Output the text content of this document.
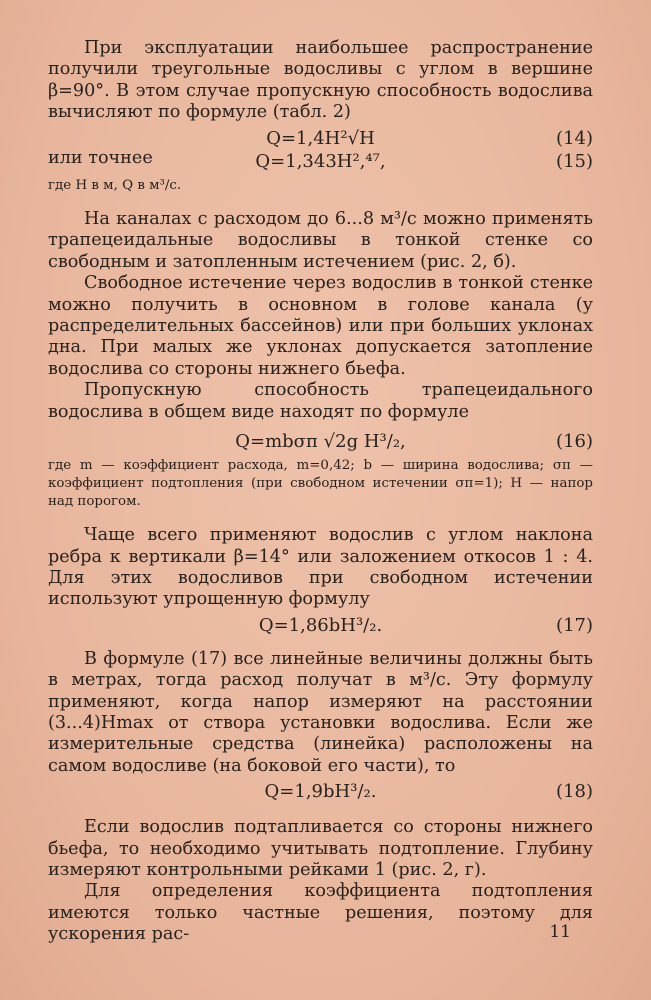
При эксплуатации наибольшее распространение получили треугольные водосливы с углом в вершине β=90°. В этом случае пропускную способность водослива вычисляют по формуле (табл. 2)

Q=1,4H²√H	(14)

или точнее	Q=1,343H²,⁴⁷,	(15)

где H в м, Q в м³/с.

На каналах с расходом до 6...8 м³/с можно применять трапецеидальные водосливы в тонкой стенке со свободным и затопленным истечением (рис. 2, б).

Свободное истечение через водослив в тонкой стенке можно получить в основном в голове канала (у распределительных бассейнов) или при больших уклонах дна. При малых же уклонах допускается затопление водослива со стороны нижнего бьефа.

Пропускную способность трапецеидального водослива в общем виде находят по формуле

Q=mbσп √2g H³/₂,	(16)

где m — коэффициент расхода, m=0,42; b — ширина водослива; σп — коэффициент подтопления (при свободном истечении σп=1); H — напор над порогом.

Чаще всего применяют водослив с углом наклона ребра к вертикали β=14° или заложением откосов 1 : 4. Для этих водосливов при свободном истечении используют упрощенную формулу

Q=1,86bH³/₂.	(17)

В формуле (17) все линейные величины должны быть в метрах, тогда расход получат в м³/с. Эту формулу применяют, когда напор измеряют на расстоянии (3...4)Hmax от створа установки водослива. Если же измерительные средства (линейка) расположены на самом водосливе (на боковой его части), то

Q=1,9bH³/₂.	(18)

Если водослив подтапливается со стороны нижнего бьефа, то необходимо учитывать подтопление. Глубину измеряют контрольными рейками 1 (рис. 2, г).

Для определения коэффициента подтопления имеются только частные решения, поэтому для ускорения рас-	11
